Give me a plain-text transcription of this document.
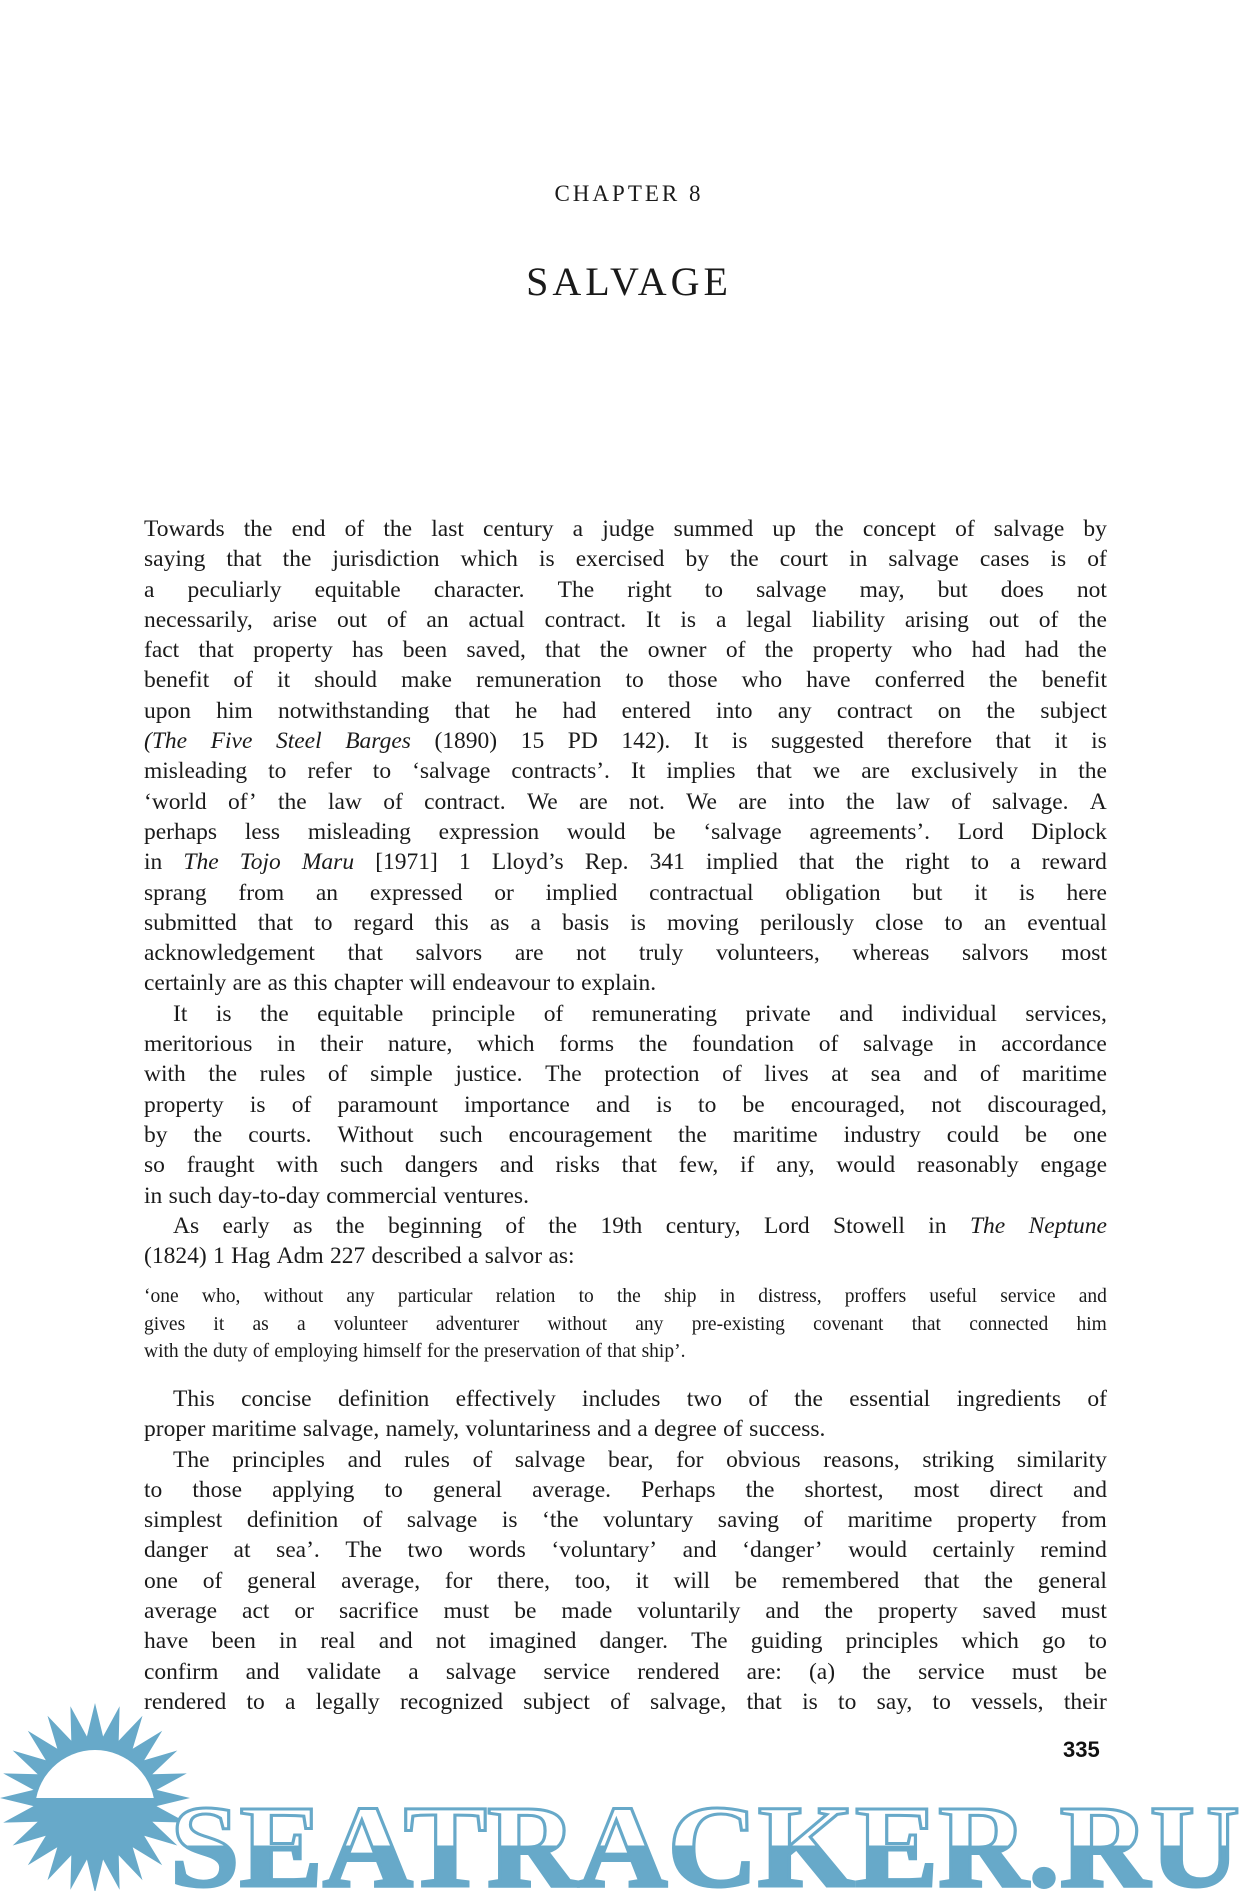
CHAPTER 8
SALVAGE
Towards the end of the last century a judge summed up the concept of salvage by
saying that the jurisdiction which is exercised by the court in salvage cases is of
a peculiarly equitable character. The right to salvage may, but does not
necessarily, arise out of an actual contract. It is a legal liability arising out of the
fact that property has been saved, that the owner of the property who had had the
benefit of it should make remuneration to those who have conferred the benefit
upon him notwithstanding that he had entered into any contract on the subject
(The Five Steel Barges (1890) 15 PD 142). It is suggested therefore that it is
misleading to refer to ‘salvage contracts’. It implies that we are exclusively in the
‘world of’ the law of contract. We are not. We are into the law of salvage. A
perhaps less misleading expression would be ‘salvage agreements’. Lord Diplock
in The Tojo Maru [1971] 1 Lloyd’s Rep. 341 implied that the right to a reward
sprang from an expressed or implied contractual obligation but it is here
submitted that to regard this as a basis is moving perilously close to an eventual
acknowledgement that salvors are not truly volunteers, whereas salvors most
certainly are as this chapter will endeavour to explain.
It is the equitable principle of remunerating private and individual services,
meritorious in their nature, which forms the foundation of salvage in accordance
with the rules of simple justice. The protection of lives at sea and of maritime
property is of paramount importance and is to be encouraged, not discouraged,
by the courts. Without such encouragement the maritime industry could be one
so fraught with such dangers and risks that few, if any, would reasonably engage
in such day-to-day commercial ventures.
As early as the beginning of the 19th century, Lord Stowell in The Neptune
(1824) 1 Hag Adm 227 described a salvor as:
‘one who, without any particular relation to the ship in distress, proffers useful service and
gives it as a volunteer adventurer without any pre-existing covenant that connected him
with the duty of employing himself for the preservation of that ship’.
This concise definition effectively includes two of the essential ingredients of
proper maritime salvage, namely, voluntariness and a degree of success.
The principles and rules of salvage bear, for obvious reasons, striking similarity
to those applying to general average. Perhaps the shortest, most direct and
simplest definition of salvage is ‘the voluntary saving of maritime property from
danger at sea’. The two words ‘voluntary’ and ‘danger’ would certainly remind
one of general average, for there, too, it will be remembered that the general
average act or sacrifice must be made voluntarily and the property saved must
have been in real and not imagined danger. The guiding principles which go to
confirm and validate a salvage service rendered are: (a) the service must be
rendered to a legally recognized subject of salvage, that is to say, to vessels, their
335
SEATRACKER.RU
